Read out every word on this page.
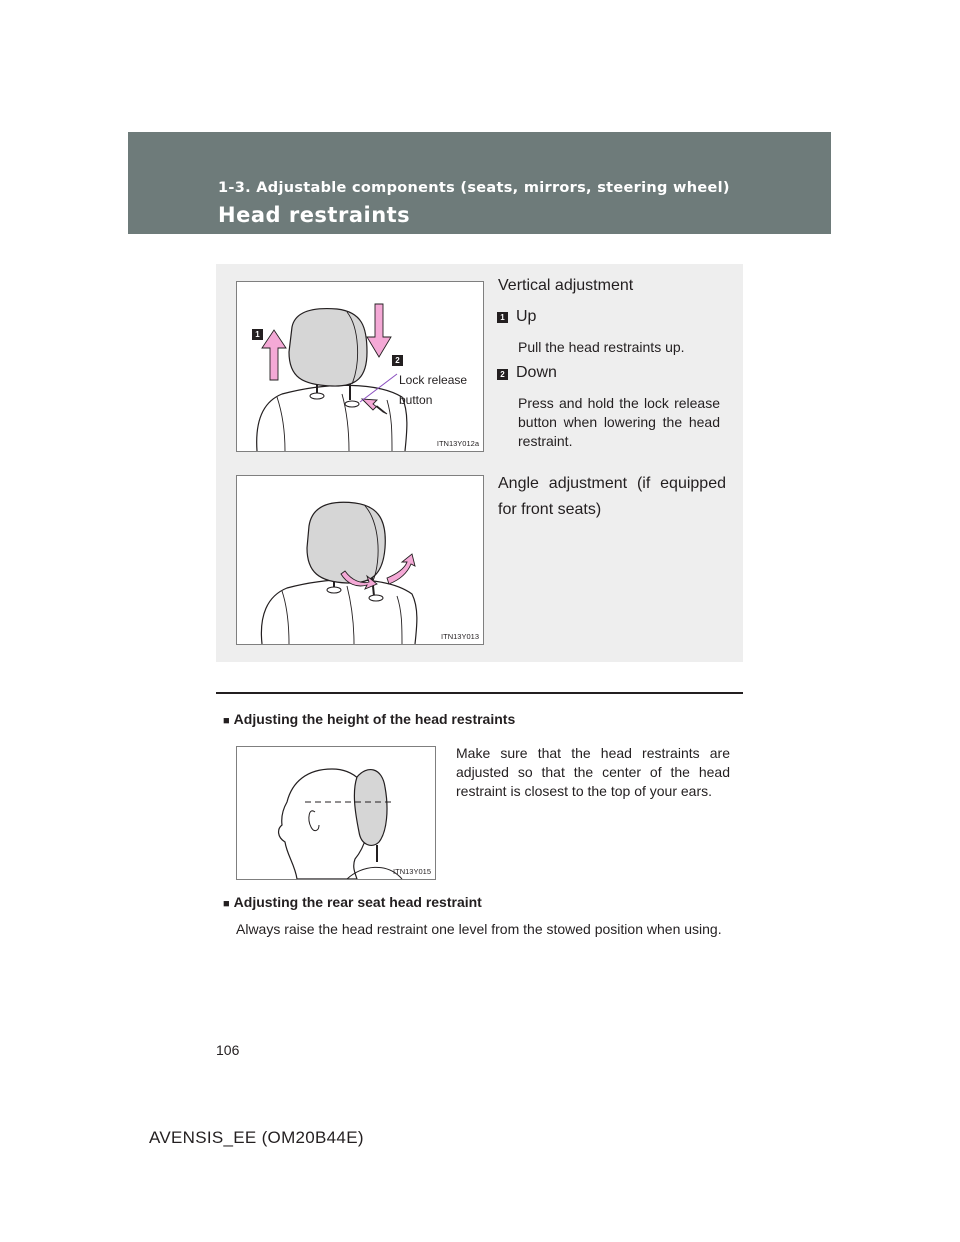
1-3. Adjustable components (seats, mirrors, steering wheel)
Head restraints
1
2
Lock release
button
ITN13Y012a
ITN13Y013
Vertical adjustment
1 Up
Pull the head restraints up.
2 Down
Press and hold the lock release button when lowering the head restraint.
Angle adjustment (if equipped for front seats)
■ Adjusting the height of the head restraints
ITN13Y015
Make sure that the head restraints are adjusted so that the center of the head restraint is closest to the top of your ears.
■ Adjusting the rear seat head restraint
Always raise the head restraint one level from the stowed position when using.
106
AVENSIS_EE (OM20B44E)
